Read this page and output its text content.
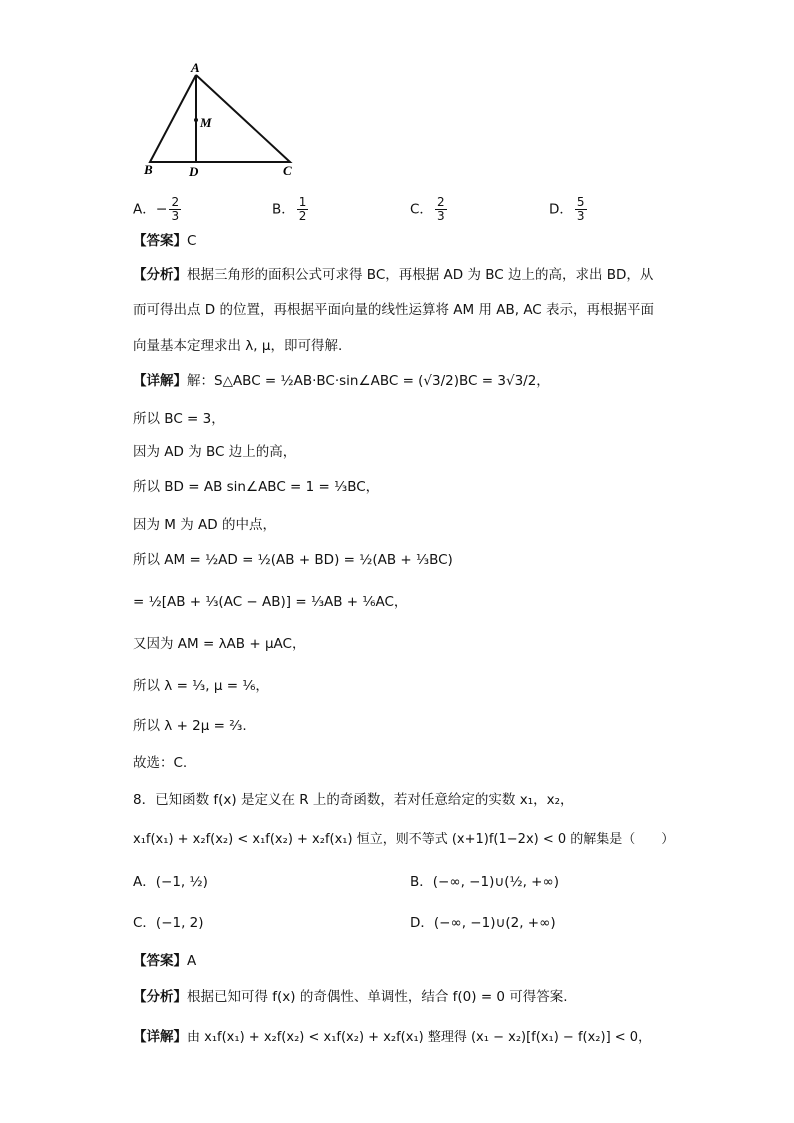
A
M
B	D	C
A．− $\frac{2}{3}$	B． $\frac{1}{2}$	C． $\frac{2}{3}$	D． $\frac{5}{3}$
【答案】C
【分析】根据三角形的面积公式可求得 BC，再根据 AD 为 BC 边上的高，求出 BD，从
而可得出点 D 的位置，再根据平面向量的线性运算将 AM 用 AB, AC 表示，再根据平面
向量基本定理求出 λ, μ，即可得解.
【详解】解：S△ABC = ½AB·BC·sin∠ABC = (√3/2)BC = 3√3/2，
所以 BC = 3，
因为 AD 为 BC 边上的高，
所以 BD = AB sin∠ABC = 1 = ⅓BC，
因为 M 为 AD 的中点，
所以 AM = ½AD = ½(AB + BD) = ½(AB + ⅓BC)
= ½[AB + ⅓(AC − AB)] = ⅓AB + ⅙AC，
又因为 AM = λAB + μAC，
所以 λ = ⅓, μ = ⅙，
所以 λ + 2μ = ⅔.
故选：C.
8．已知函数 f(x) 是定义在 R 上的奇函数，若对任意给定的实数 x₁，x₂，
x₁f(x₁) + x₂f(x₂) < x₁f(x₂) + x₂f(x₁) 恒立，则不等式 (x+1)f(1−2x) < 0 的解集是（　　）
A．(−1, ½)	B．(−∞, −1)∪(½, +∞)
C．(−1, 2)	D．(−∞, −1)∪(2, +∞)
【答案】A
【分析】根据已知可得 f(x) 的奇偶性、单调性，结合 f(0) = 0 可得答案.
【详解】由 x₁f(x₁) + x₂f(x₂) < x₁f(x₂) + x₂f(x₁) 整理得 (x₁ − x₂)[f(x₁) − f(x₂)] < 0，
